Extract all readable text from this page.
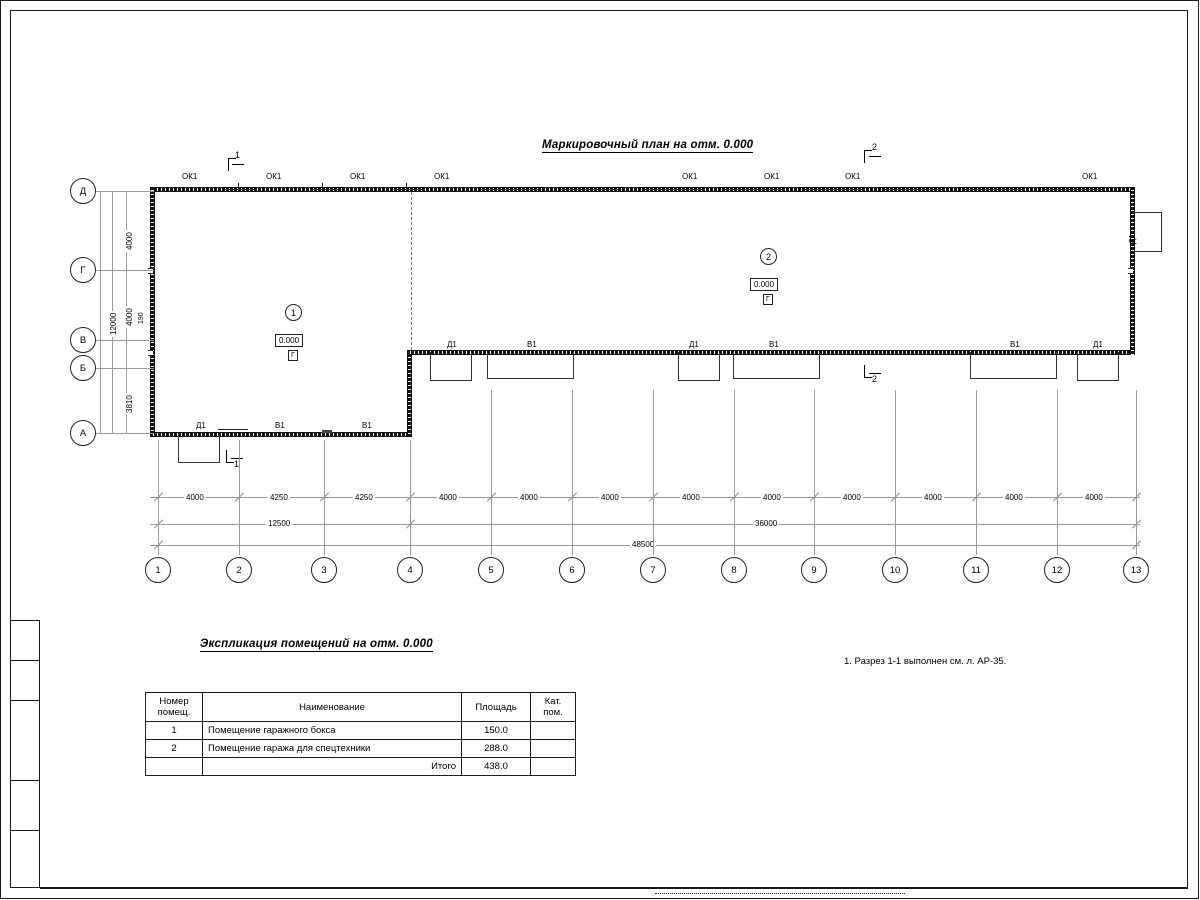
Маркировочный план на отм. 0.000
ОК1	ОК1	ОК1	ОК1	ОК1	ОК1	ОК1	ОК1
Д1
Д1	В1	В1
Д1	В1	Д1	В1	В1	Д1
1
0.000
Г
2
0.000
Г
1
2
2
1
Д
Г
В
Б
А
4000
4000 190
12000
3810
4000	4250	4250	4000	4000	4000	4000	4000	4000	4000	4000	4000
12500	36000
48500
1	2	3	4	5	6	7	8	9	10	11	12	13
Экспликация помещений на отм. 0.000
1. Разрез 1-1 выполнен см. л. АР-35.
Номер
помещ.	Наименование	Площадь	Кат.
пом.
1	Помещение гаражного бокса	150.0	
2	Помещение гаража для спецтехники	288.0	
	Итого	438.0	
